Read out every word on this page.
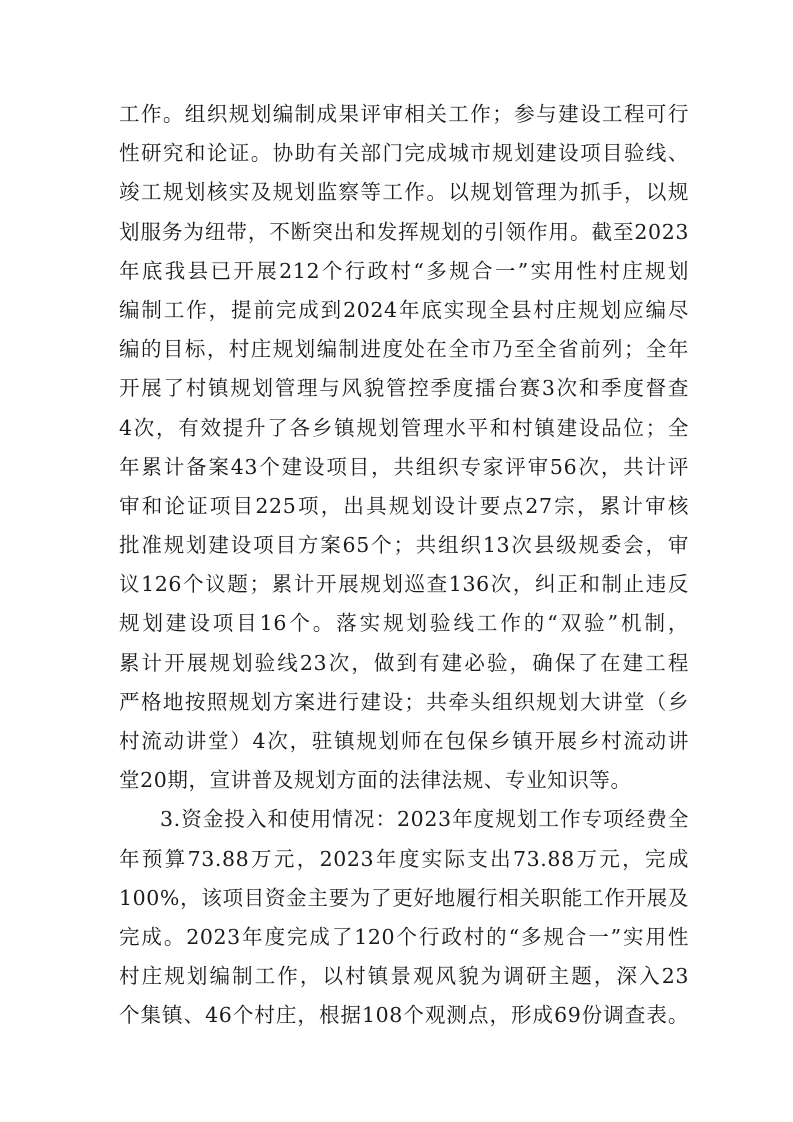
工作。组织规划编制成果评审相关工作；参与建设工程可行
性研究和论证。协助有关部门完成城市规划建设项目验线、
竣工规划核实及规划监察等工作。以规划管理为抓手，以规
划服务为纽带，不断突出和发挥规划的引领作用。截至2023
年底我县已开展212个行政村“多规合一”实用性村庄规划
编制工作，提前完成到2024年底实现全县村庄规划应编尽
编的目标，村庄规划编制进度处在全市乃至全省前列；全年
开展了村镇规划管理与风貌管控季度擂台赛3次和季度督查
4次，有效提升了各乡镇规划管理水平和村镇建设品位；全
年累计备案43个建设项目，共组织专家评审56次，共计评
审和论证项目225项，出具规划设计要点27宗，累计审核
批准规划建设项目方案65个；共组织13次县级规委会，审
议126个议题；累计开展规划巡查136次，纠正和制止违反
规划建设项目16个。落实规划验线工作的“双验”机制，
累计开展规划验线23次，做到有建必验，确保了在建工程
严格地按照规划方案进行建设；共牵头组织规划大讲堂（乡
村流动讲堂）4次，驻镇规划师在包保乡镇开展乡村流动讲
堂20期，宣讲普及规划方面的法律法规、专业知识等。
3.资金投入和使用情况：2023年度规划工作专项经费全
年预算73.88万元，2023年度实际支出73.88万元，完成
100%，该项目资金主要为了更好地履行相关职能工作开展及
完成。2023年度完成了120个行政村的“多规合一”实用性
村庄规划编制工作，以村镇景观风貌为调研主题，深入23
个集镇、46个村庄，根据108个观测点，形成69份调查表。
